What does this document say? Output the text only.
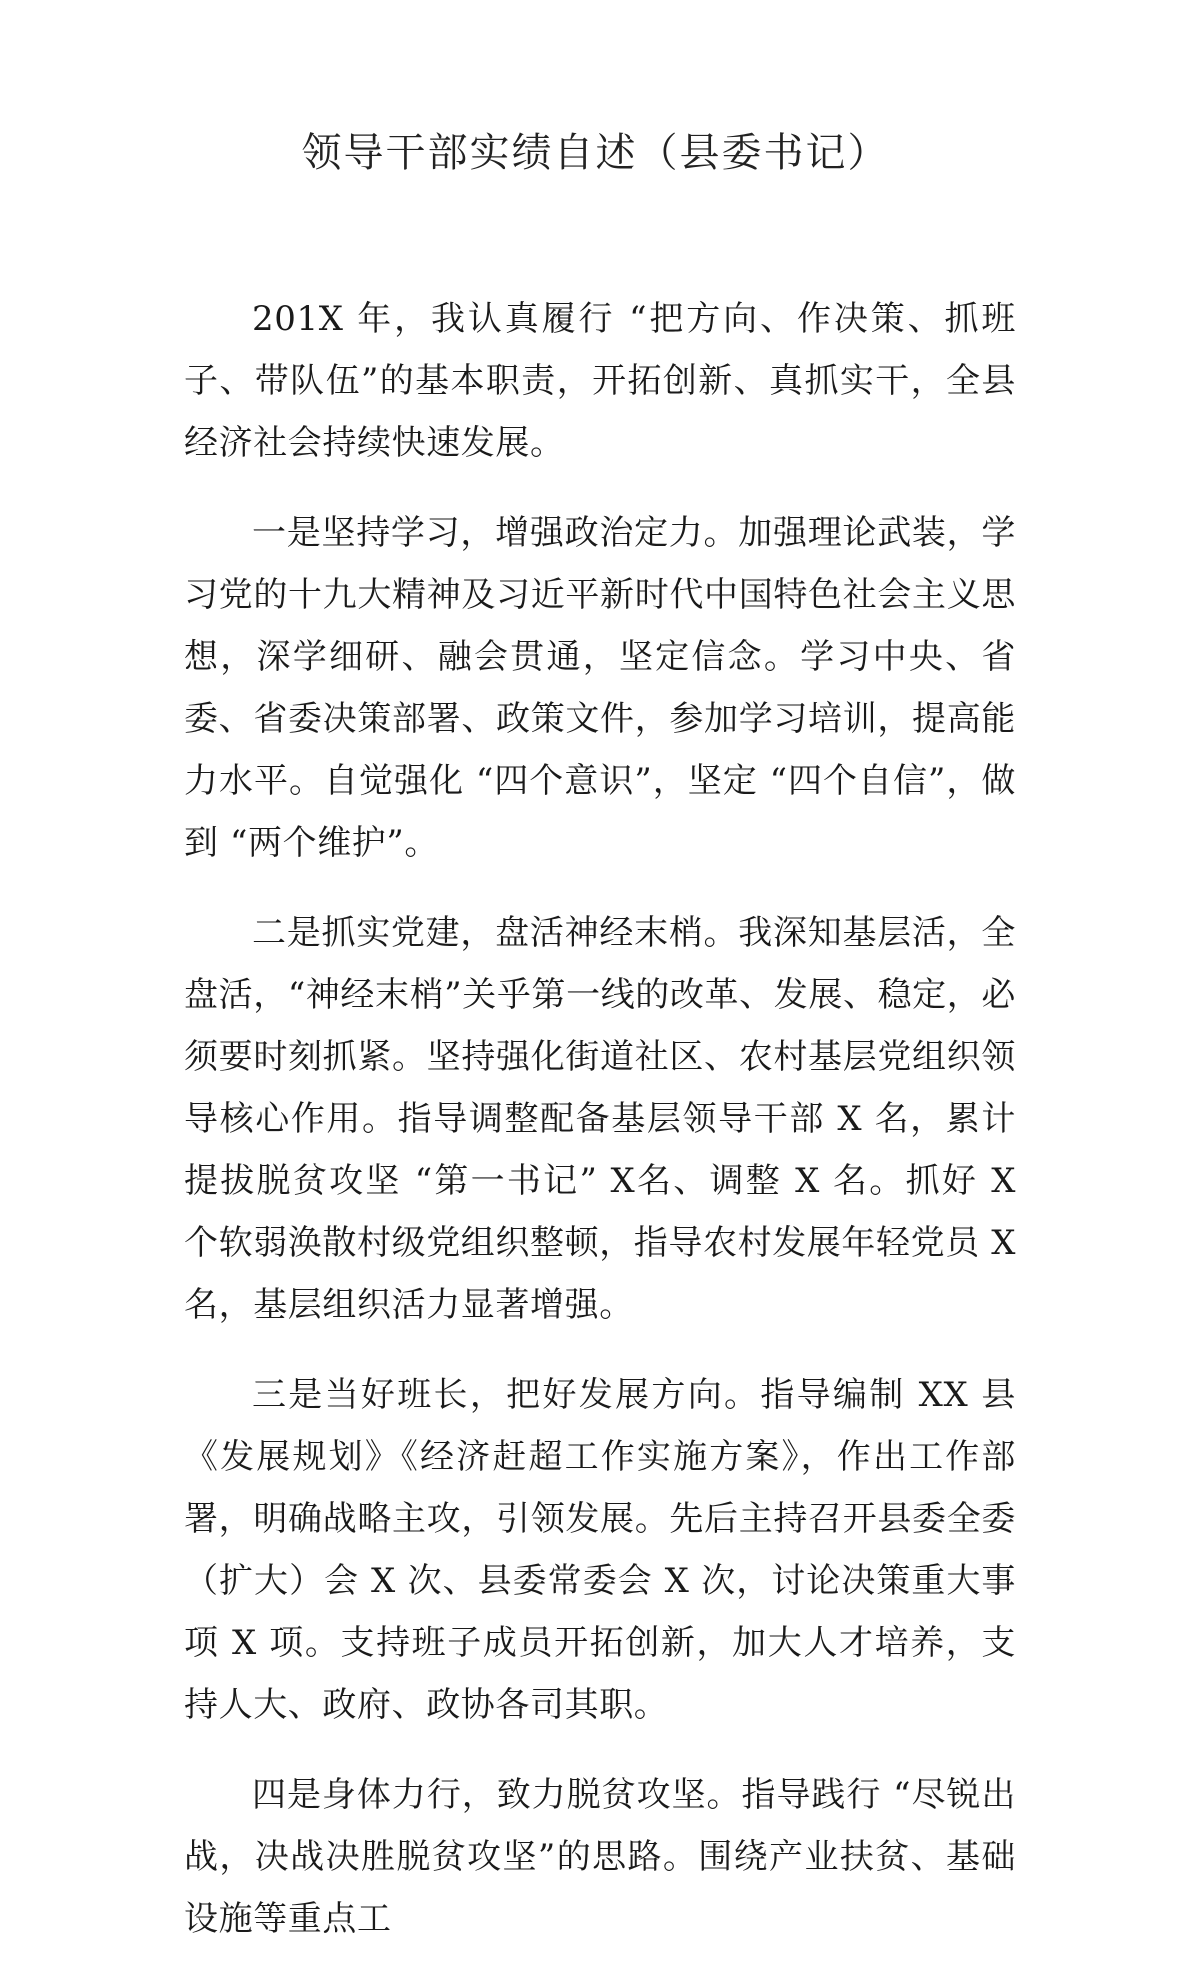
领导干部实绩自述（县委书记）

201X 年，我认真履行 “把方向、作决策、抓班子、带队伍”的基本职责，开拓创新、真抓实干，全县经济社会持续快速发展。

一是坚持学习，增强政治定力。加强理论武装，学习党的十九大精神及习近平新时代中国特色社会主义思想，深学细研、融会贯通，坚定信念。学习中央、省委、省委决策部署、政策文件，参加学习培训，提高能力水平。自觉强化 “四个意识”，坚定 “四个自信”，做到 “两个维护”。

二是抓实党建，盘活神经末梢。我深知基层活，全盘活，“神经末梢”关乎第一线的改革、发展、稳定，必须要时刻抓紧。坚持强化街道社区、农村基层党组织领导核心作用。指导调整配备基层领导干部 X 名，累计提拔脱贫攻坚 “第一书记” X名、调整 X 名。抓好 X 个软弱涣散村级党组织整顿，指导农村发展年轻党员 X 名，基层组织活力显著增强。

三是当好班长，把好发展方向。指导编制 XX 县《发展规划》《经济赶超工作实施方案》，作出工作部署，明确战略主攻，引领发展。先后主持召开县委全委（扩大）会 X 次、县委常委会 X 次，讨论决策重大事项 X 项。支持班子成员开拓创新，加大人才培养，支持人大、政府、政协各司其职。

四是身体力行，致力脱贫攻坚。指导践行 “尽锐出战，决战决胜脱贫攻坚”的思路。围绕产业扶贫、基础设施等重点工
